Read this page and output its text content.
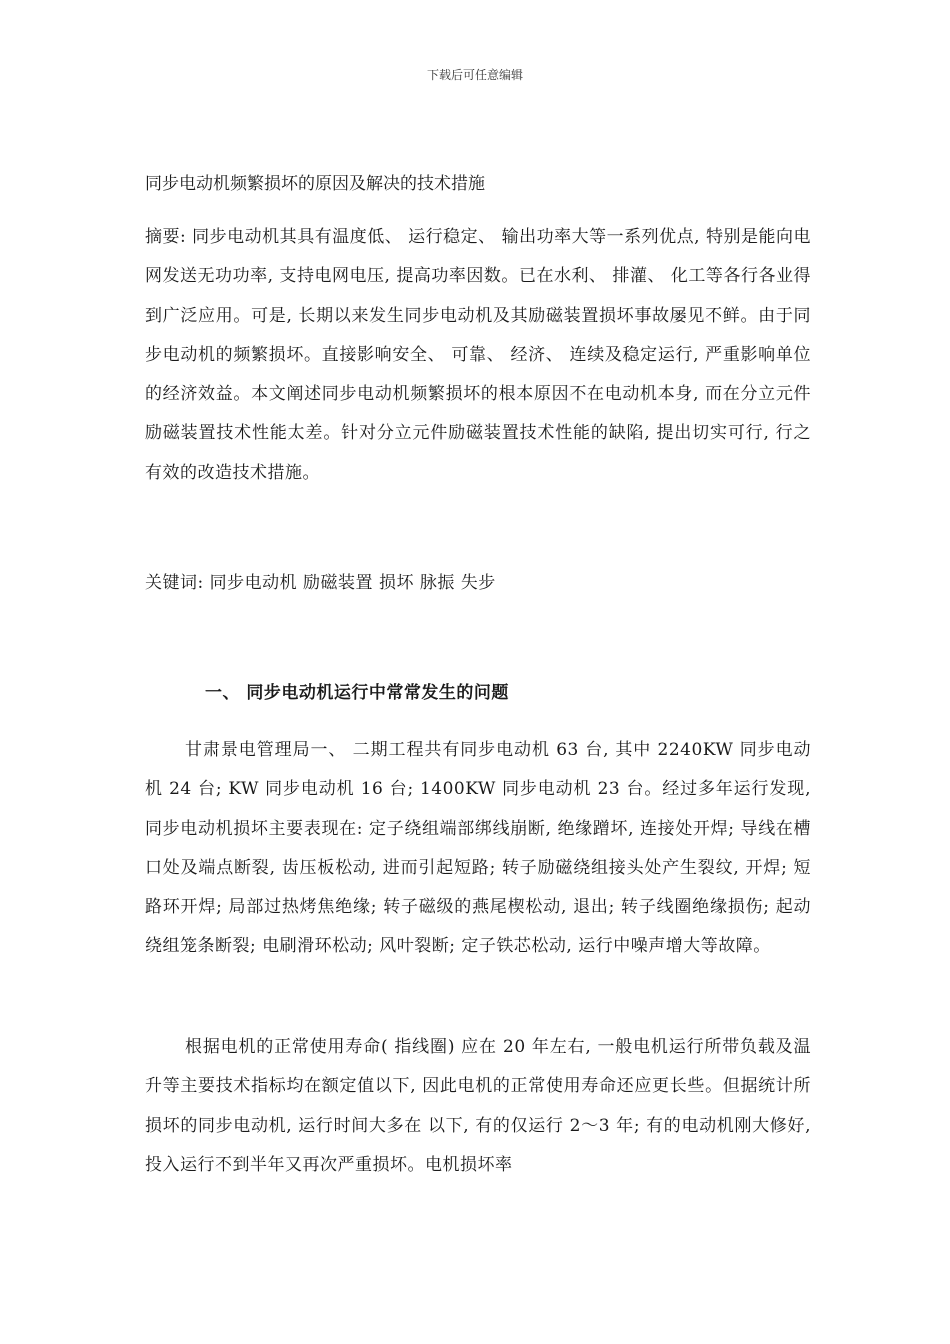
下载后可任意编辑
同步电动机频繁损坏的原因及解决的技术措施
摘要: 同步电动机其具有温度低、 运行稳定、 输出功率大等一系列优点, 特别是能向电网发送无功功率, 支持电网电压, 提高功率因数。已在水利、 排灌、 化工等各行各业得到广泛应用。可是, 长期以来发生同步电动机及其励磁装置损坏事故屡见不鲜。由于同步电动机的频繁损坏。直接影响安全、 可靠、 经济、 连续及稳定运行, 严重影响单位的经济效益。本文阐述同步电动机频繁损坏的根本原因不在电动机本身, 而在分立元件励磁装置技术性能太差。针对分立元件励磁装置技术性能的缺陷, 提出切实可行, 行之有效的改造技术措施。
关键词: 同步电动机 励磁装置 损坏 脉振 失步
一、 同步电动机运行中常常发生的问题
甘肃景电管理局一、 二期工程共有同步电动机 63 台, 其中 2240KW 同步电动机 24 台; KW 同步电动机 16 台; 1400KW 同步电动机 23 台。经过多年运行发现, 同步电动机损坏主要表现在: 定子绕组端部绑线崩断, 绝缘蹭坏, 连接处开焊; 导线在槽口处及端点断裂, 齿压板松动, 进而引起短路; 转子励磁绕组接头处产生裂纹, 开焊; 短路环开焊; 局部过热烤焦绝缘; 转子磁级的燕尾楔松动, 退出; 转子线圈绝缘损伤; 起动绕组笼条断裂; 电刷滑环松动; 风叶裂断; 定子铁芯松动, 运行中噪声增大等故障。
根据电机的正常使用寿命( 指线圈) 应在 20 年左右, 一般电机运行所带负载及温升等主要技术指标均在额定值以下, 因此电机的正常使用寿命还应更长些。但据统计所损坏的同步电动机, 运行时间大多在 以下, 有的仅运行 2～3 年; 有的电动机刚大修好, 投入运行不到半年又再次严重损坏。电机损坏率
